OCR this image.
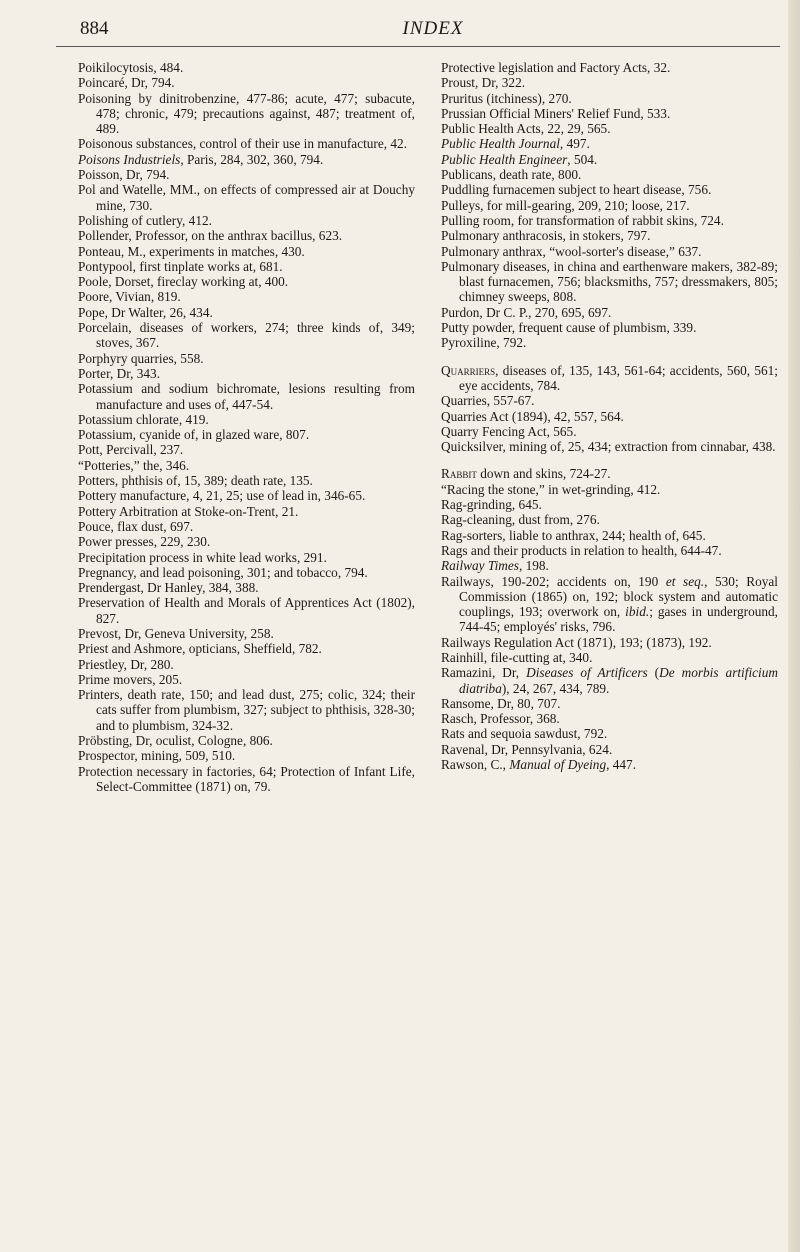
884	INDEX

Poikilocytosis, 484.

Poincaré, Dr, 794.

Poisoning by dinitrobenzine, 477-86; acute, 477; subacute, 478; chronic, 479; precautions against, 487; treatment of, 489.

Poisonous substances, control of their use in manufacture, 42.

Poisons Industriels, Paris, 284, 302, 360, 794.

Poisson, Dr, 794.

Pol and Watelle, MM., on effects of compressed air at Douchy mine, 730.

Polishing of cutlery, 412.

Pollender, Professor, on the anthrax bacillus, 623.

Ponteau, M., experiments in matches, 430.

Pontypool, first tinplate works at, 681.

Poole, Dorset, fireclay working at, 400.

Poore, Vivian, 819.

Pope, Dr Walter, 26, 434.

Porcelain, diseases of workers, 274; three kinds of, 349; stoves, 367.

Porphyry quarries, 558.

Porter, Dr, 343.

Potassium and sodium bichromate, lesions resulting from manufacture and uses of, 447-54.

Potassium chlorate, 419.

Potassium, cyanide of, in glazed ware, 807.

Pott, Percivall, 237.

“Potteries,” the, 346.

Potters, phthisis of, 15, 389; death rate, 135.

Pottery manufacture, 4, 21, 25; use of lead in, 346-65.

Pottery Arbitration at Stoke-on-Trent, 21.

Pouce, flax dust, 697.

Power presses, 229, 230.

Precipitation process in white lead works, 291.

Pregnancy, and lead poisoning, 301; and tobacco, 794.

Prendergast, Dr Hanley, 384, 388.

Preservation of Health and Morals of Apprentices Act (1802), 827.

Prevost, Dr, Geneva University, 258.

Priest and Ashmore, opticians, Sheffield, 782.

Priestley, Dr, 280.

Prime movers, 205.

Printers, death rate, 150; and lead dust, 275; colic, 324; their cats suffer from plumbism, 327; subject to phthisis, 328-30; and to plumbism, 324-32.

Pröbsting, Dr, oculist, Cologne, 806.

Prospector, mining, 509, 510.

Protection necessary in factories, 64; Protection of Infant Life, Select-Committee (1871) on, 79.

Protective legislation and Factory Acts, 32.

Proust, Dr, 322.

Pruritus (itchiness), 270.

Prussian Official Miners' Relief Fund, 533.

Public Health Acts, 22, 29, 565.

Public Health Journal, 497.

Public Health Engineer, 504.

Publicans, death rate, 800.

Puddling furnacemen subject to heart disease, 756.

Pulleys, for mill-gearing, 209, 210; loose, 217.

Pulling room, for transformation of rabbit skins, 724.

Pulmonary anthracosis, in stokers, 797.

Pulmonary anthrax, “wool-sorter's disease,” 637.

Pulmonary diseases, in china and earthenware makers, 382-89; blast furnacemen, 756; blacksmiths, 757; dressmakers, 805; chimney sweeps, 808.

Purdon, Dr C. P., 270, 695, 697.

Putty powder, frequent cause of plumbism, 339.

Pyroxiline, 792.

Quarriers, diseases of, 135, 143, 561-64; accidents, 560, 561; eye accidents, 784.

Quarries, 557-67.

Quarries Act (1894), 42, 557, 564.

Quarry Fencing Act, 565.

Quicksilver, mining of, 25, 434; extraction from cinnabar, 438.

Rabbit down and skins, 724-27.

“Racing the stone,” in wet-grinding, 412.

Rag-grinding, 645.

Rag-cleaning, dust from, 276.

Rag-sorters, liable to anthrax, 244; health of, 645.

Rags and their products in relation to health, 644-47.

Railway Times, 198.

Railways, 190-202; accidents on, 190 et seq., 530; Royal Commission (1865) on, 192; block system and automatic couplings, 193; overwork on, ibid.; gases in underground, 744-45; employés' risks, 796.

Railways Regulation Act (1871), 193; (1873), 192.

Rainhill, file-cutting at, 340.

Ramazini, Dr, Diseases of Artificers (De morbis artificium diatriba), 24, 267, 434, 789.

Ransome, Dr, 80, 707.

Rasch, Professor, 368.

Rats and sequoia sawdust, 792.

Ravenal, Dr, Pennsylvania, 624.

Rawson, C., Manual of Dyeing, 447.
